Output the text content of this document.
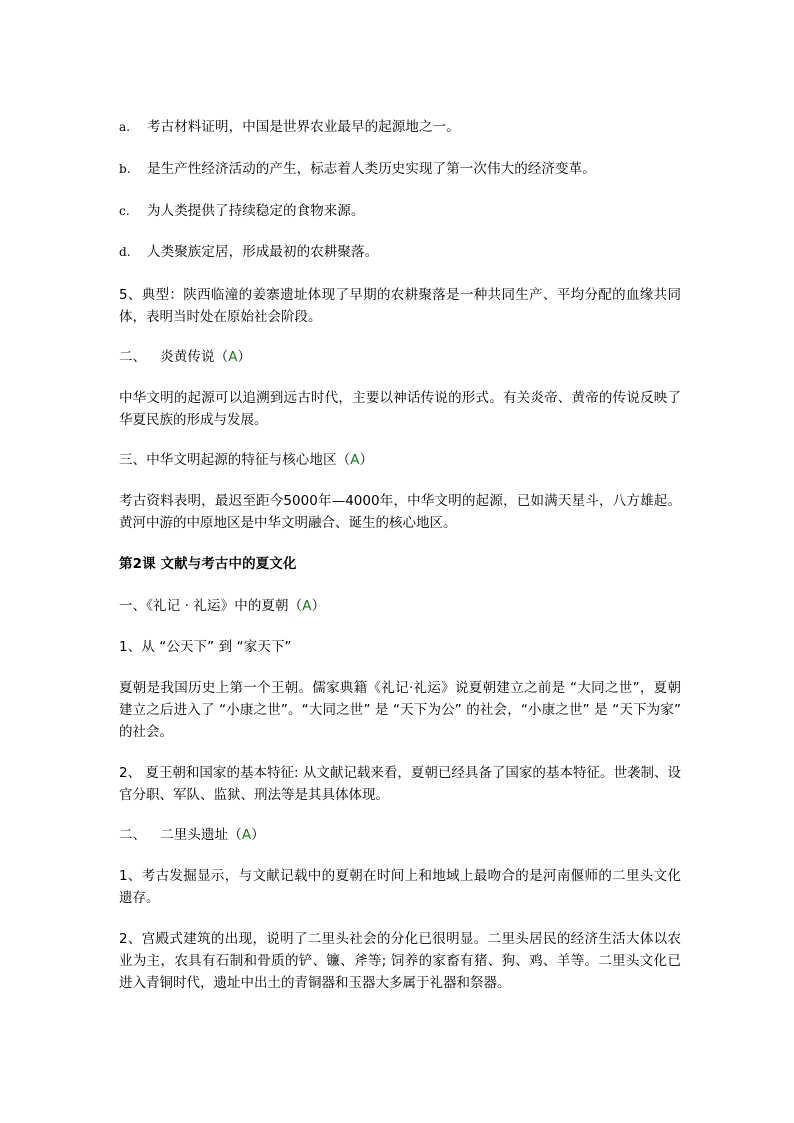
a. 考古材料证明，中国是世界农业最早的起源地之一。
b. 是生产性经济活动的产生，标志着人类历史实现了第一次伟大的经济变革。
c. 为人类提供了持续稳定的食物来源。
d. 人类聚族定居，形成最初的农耕聚落。
5、典型：陕西临潼的姜寨遗址体现了早期的农耕聚落是一种共同生产、平均分配的血缘共同体，表明当时处在原始社会阶段。
二、 炎黄传说（A）
中华文明的起源可以追溯到远古时代，主要以神话传说的形式。有关炎帝、黄帝的传说反映了华夏民族的形成与发展。
三、中华文明起源的特征与核心地区（A）
考古资料表明，最迟至距今5000年—4000年，中华文明的起源，已如满天星斗，八方雄起。黄河中游的中原地区是中华文明融合、诞生的核心地区。
第2课 文献与考古中的夏文化
一、《礼记 · 礼运》中的夏朝（A）
1、从 “公天下” 到 “家天下”
夏朝是我国历史上第一个王朝。儒家典籍《礼记·礼运》说夏朝建立之前是 “大同之世”，夏朝建立之后进入了 “小康之世”。“大同之世” 是 “天下为公” 的社会，“小康之世” 是 “天下为家” 的社会。
2、 夏王朝和国家的基本特征: 从文献记载来看，夏朝已经具备了国家的基本特征。世袭制、设官分职、军队、监狱、刑法等是其具体体现。
二、 二里头遗址（A）
1、考古发掘显示，与文献记载中的夏朝在时间上和地域上最吻合的是河南偃师的二里头文化遗存。
2、宫殿式建筑的出现，说明了二里头社会的分化已很明显。二里头居民的经济生活大体以农业为主，农具有石制和骨质的铲、镰、斧等; 饲养的家畜有猪、狗、鸡、羊等。二里头文化已进入青铜时代，遗址中出土的青铜器和玉器大多属于礼器和祭器。
